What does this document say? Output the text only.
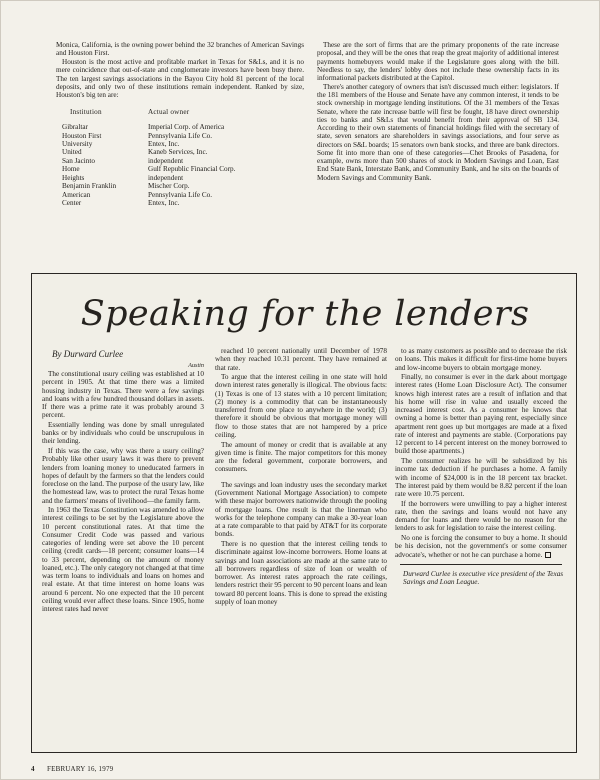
Monica, California, is the owning power behind the 32 branches of American Savings and Houston First.

Houston is the most active and profitable market in Texas for S&Ls, and it is no mere coincidence that out-of-state and conglomerate investors have been busy there. The ten largest savings associations in the Bayou City hold 81 percent of the local deposits, and only two of these institutions remain independent. Ranked by size, Houston's big ten are:

Institution	Actual owner
Gibraltar	Imperial Corp. of America
Houston First	Pennsylvania Life Co.
University	Entex, Inc.
United	Kaneb Services, Inc.
San Jacinto	independent
Home	Gulf Republic Financial Corp.
Heights	independent
Benjamin Franklin	Mischer Corp.
American	Pennsylvania Life Co.
Center	Entex, Inc.

These are the sort of firms that are the primary proponents of the rate increase proposal, and they will be the ones that reap the great majority of additional interest payments homebuyers would make if the Legislature goes along with the bill. Needless to say, the lenders' lobby does not include these ownership facts in its informational packets distributed at the Capitol.

There's another category of owners that isn't discussed much either: legislators. If the 181 members of the House and Senate have any common interest, it tends to be stock ownership in mortgage lending institutions. Of the 31 members of the Texas Senate, where the rate increase battle will first be fought, 18 have direct ownership ties to banks and S&Ls that would benefit from their approval of SB 134. According to their own statements of financial holdings filed with the secretary of state, seven senators are shareholders in savings associations, and four serve as directors on S&L boards; 15 senators own bank stocks, and three are bank directors. Some fit into more than one of these categories—Chet Brooks of Pasadena, for example, owns more than 500 shares of stock in Modern Savings and Loan, East End State Bank, Interstate Bank, and Community Bank, and he sits on the boards of Modern Savings and Community Bank.

Speaking for the lenders
By Durward Curlee
Austin

The constitutional usury ceiling was established at 10 percent in 1905. At that time there was a limited housing industry in Texas. There were a few savings and loans with a few hundred thousand dollars in assets. If there was a prime rate it was probably around 3 percent.

Essentially lending was done by small unregulated banks or by individuals who could be unscrupulous in their lending.

If this was the case, why was there a usury ceiling? Probably like other usury laws it was there to prevent lenders from loaning money to uneducated farmers in hopes of default by the farmers so that the lenders could foreclose on the land. The purpose of the usury law, like the homestead law, was to protect the rural Texas home and the farmers' means of livelihood—the family farm.

In 1963 the Texas Constitution was amended to allow interest ceilings to be set by the Legislature above the 10 percent constitutional rates. At that time the Consumer Credit Code was passed and various categories of lending were set above the 10 percent ceiling (credit cards—18 percent; consumer loans—14 to 33 percent, depending on the amount of money loaned, etc.). The only category not changed at that time was term loans to individuals and loans on homes and real estate. At that time interest on home loans was around 6 percent. No one expected that the 10 percent ceiling would ever affect these loans. Since 1905, home interest rates had never

reached 10 percent nationally until December of 1978 when they reached 10.31 percent. They have remained at that rate.

To argue that the interest ceiling in one state will hold down interest rates generally is illogical. The obvious facts: (1) Texas is one of 13 states with a 10 percent limitation; (2) money is a commodity that can be instantaneously transferred from one place to anywhere in the world; (3) therefore it should be obvious that mortgage money will flow to those states that are not hampered by a price ceiling.

The amount of money or credit that is available at any given time is finite. The major competitors for this money are the federal government, corporate borrowers, and consumers.

The savings and loan industry uses the secondary market (Government National Mortgage Association) to compete with these major borrowers nationwide through the pooling of mortgage loans. One result is that the lineman who works for the telephone company can make a 30-year loan at a rate comparable to that paid by AT&T for its corporate bonds.

There is no question that the interest ceiling tends to discriminate against low-income borrowers. Home loans at savings and loan associations are made at the same rate to all borrowers regardless of size of loan or wealth of borrower. As interest rates approach the rate ceilings, lenders restrict their 95 percent to 90 percent loans and lean toward 80 percent loans. This is done to spread the existing supply of loan money

to as many customers as possible and to decrease the risk on loans. This makes it difficult for first-time home buyers and low-income buyers to obtain mortgage money.

Finally, no consumer is ever in the dark about mortgage interest rates (Home Loan Disclosure Act). The consumer knows high interest rates are a result of inflation and that his home will rise in value and usually exceed the increased interest cost. As a consumer he knows that owning a home is better than paying rent, especially since apartment rent goes up but mortgages are made at a fixed rate of interest and payments are stable. (Corporations pay 12 percent to 14 percent interest on the money borrowed to build those apartments.)

The consumer realizes he will be subsidized by his income tax deduction if he purchases a home. A family with income of $24,000 is in the 18 percent tax bracket. The interest paid by them would be 8.82 percent if the loan rate were 10.75 percent.

If the borrowers were unwilling to pay a higher interest rate, then the savings and loans would not have any demand for loans and there would be no reason for the lenders to ask for legislation to raise the interest ceiling.

No one is forcing the consumer to buy a home. It should be his decision, not the government's or some consumer advocate's, whether or not he can purchase a home.

Durward Curlee is executive vice president of the Texas Savings and Loan League.

4 FEBRUARY 16, 1979
